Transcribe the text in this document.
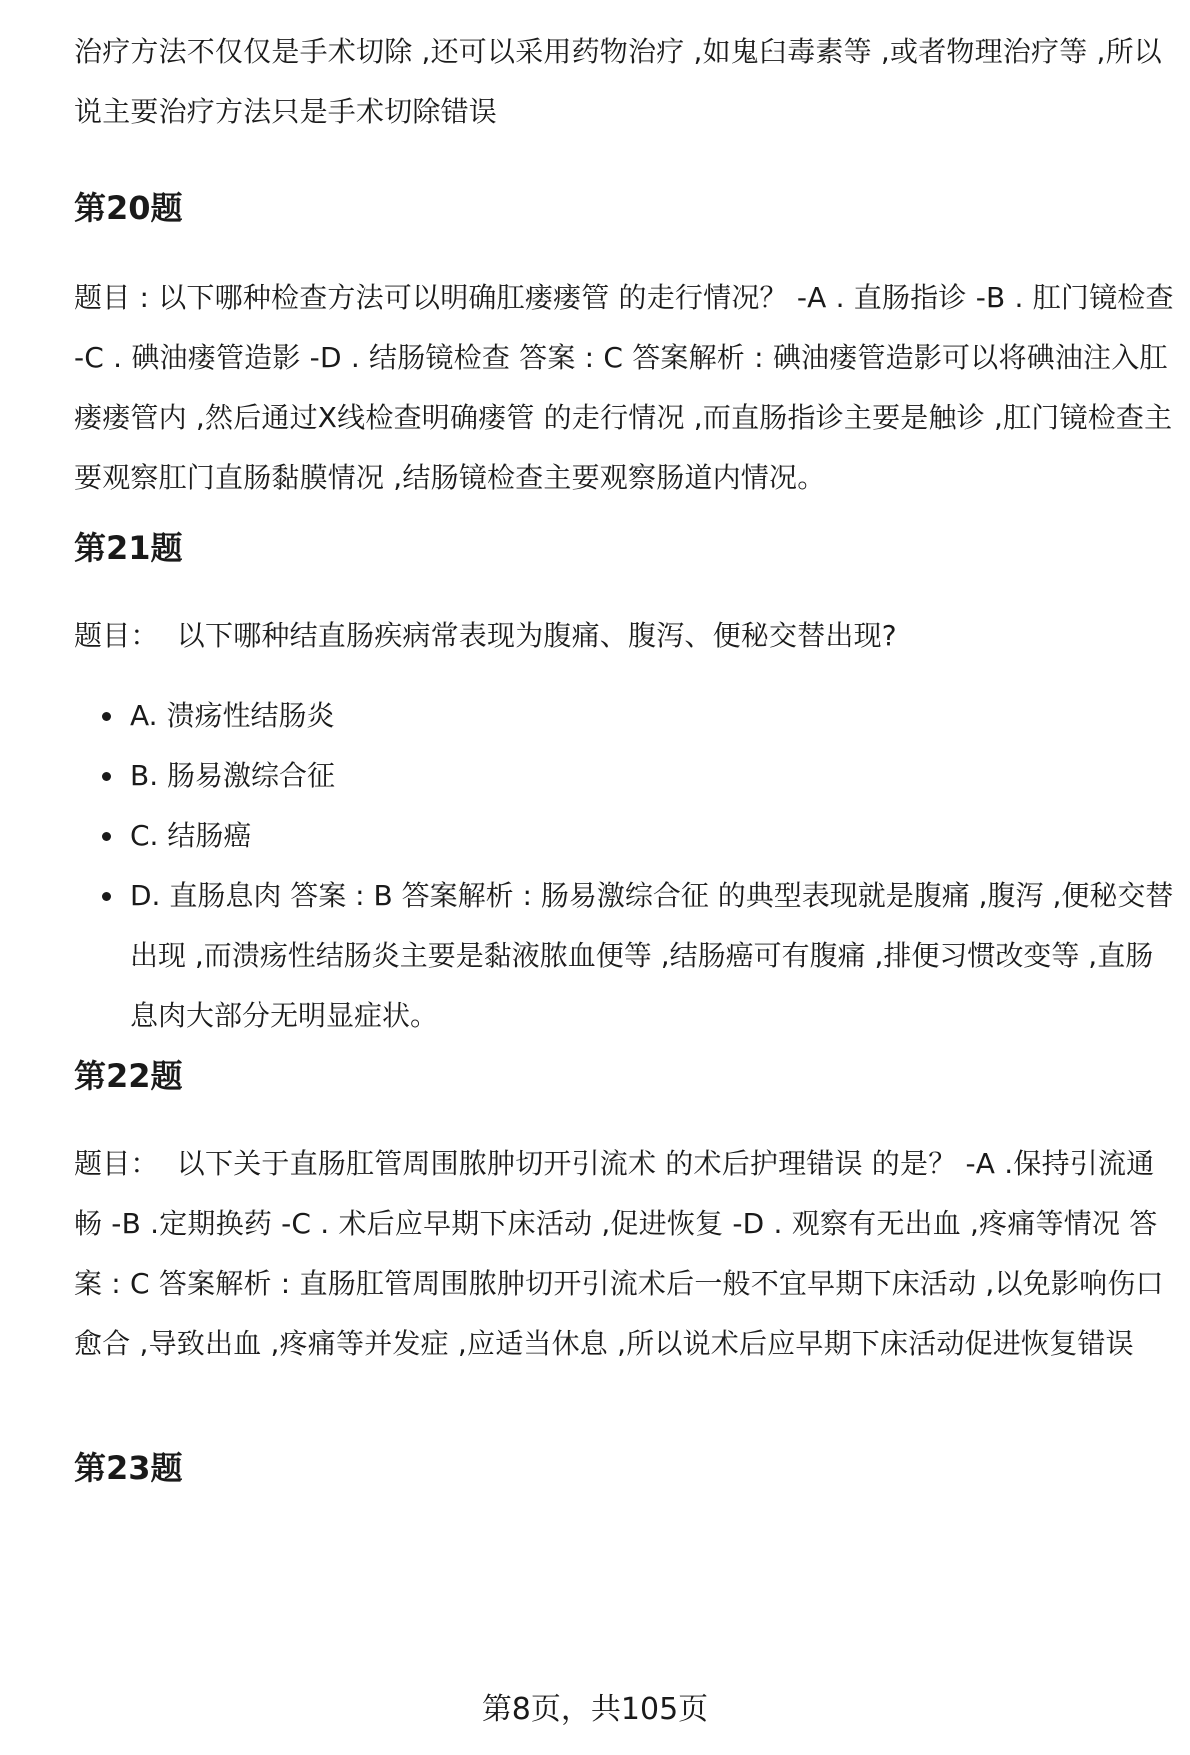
治疗方法不仅仅是手术切除 ,还可以采用药物治疗 ,如鬼臼毒素等 ,或者物理治疗等 ,所以说主要治疗方法只是手术切除错误
第20题
题目 : 以下哪种检查方法可以明确肛瘘瘘管 的走行情况？ -A . 直肠指诊 -B . 肛门镜检查 -C . 碘油瘘管造影 -D . 结肠镜检查 答案 : C 答案解析 : 碘油瘘管造影可以将碘油注入肛瘘瘘管内 ,然后通过X线检查明确瘘管 的走行情况 ,而直肠指诊主要是触诊 ,肛门镜检查主要观察肛门直肠黏膜情况 ,结肠镜检查主要观察肠道内情况。
第21题
题目：  以下哪种结直肠疾病常表现为腹痛、腹泻、便秘交替出现?
A. 溃疡性结肠炎
B. 肠易激综合征
C. 结肠癌
D. 直肠息肉 答案 : B 答案解析 : 肠易激综合征 的典型表现就是腹痛 ,腹泻 ,便秘交替出现 ,而溃疡性结肠炎主要是黏液脓血便等 ,结肠癌可有腹痛 ,排便习惯改变等 ,直肠息肉大部分无明显症状。
第22题
题目：  以下关于直肠肛管周围脓肿切开引流术 的术后护理错误 的是？ -A .保持引流通畅 -B .定期换药 -C . 术后应早期下床活动 ,促进恢复 -D . 观察有无出血 ,疼痛等情况 答案 : C 答案解析 : 直肠肛管周围脓肿切开引流术后一般不宜早期下床活动 ,以免影响伤口愈合 ,导致出血 ,疼痛等并发症 ,应适当休息 ,所以说术后应早期下床活动促进恢复错误
第23题
第8页，共105页
